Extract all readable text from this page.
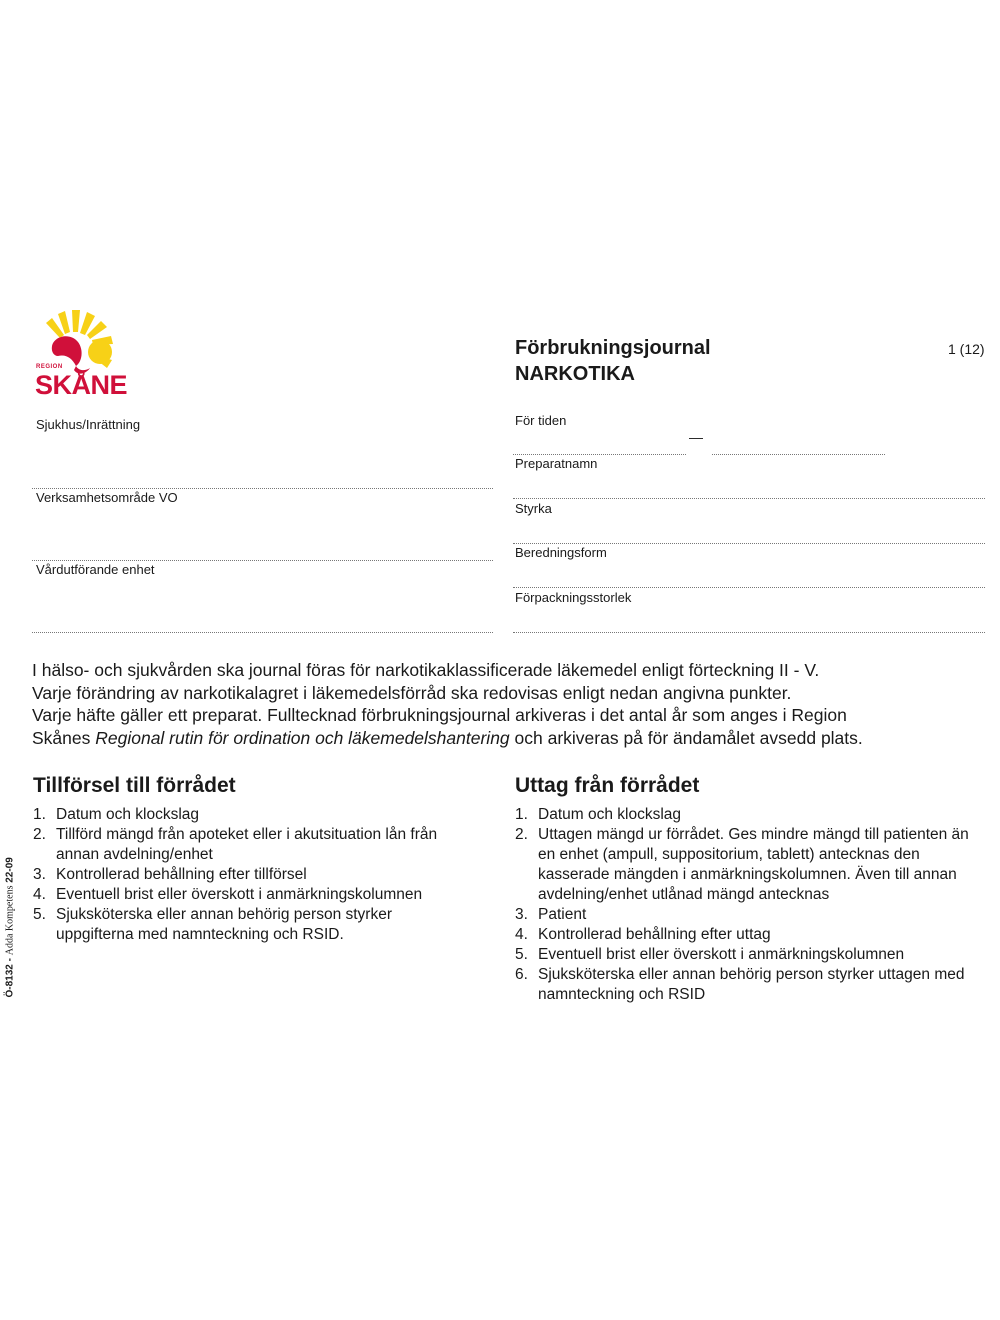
REGION
SKÅNE
Förbrukningsjournal
NARKOTIKA
1 (12)
Sjukhus/Inrättning
Verksamhetsområde VO
Vårdutförande enhet
För tiden
—
Preparatnamn
Styrka
Beredningsform
Förpackningsstorlek
I hälso- och sjukvården ska journal föras för narkotikaklassificerade läkemedel enligt förteckning II - V.
Varje förändring av narkotikalagret i läkemedelsförråd ska redovisas enligt nedan angivna punkter.
Varje häfte gäller ett preparat. Fulltecknad förbrukningsjournal arkiveras i det antal år som anges i Region
Skånes Regional rutin för ordination och läkemedelshantering och arkiveras på för ändamålet avsedd plats.
Tillförsel till förrådet
1. Datum och klockslag
2. Tillförd mängd från apoteket eller i akutsituation lån från annan avdelning/enhet
3. Kontrollerad behållning efter tillförsel
4. Eventuell brist eller överskott i anmärkningskolumnen
5. Sjuksköterska eller annan behörig person styrker uppgifterna med namnteckning och RSID.
Uttag från förrådet
1. Datum och klockslag
2. Uttagen mängd ur förrådet. Ges mindre mängd till patienten än en enhet (ampull, suppositorium, tablett) antecknas den kasserade mängden i anmärkningskolumnen. Även till annan avdelning/enhet utlånad mängd antecknas
3. Patient
4. Kontrollerad behållning efter uttag
5. Eventuell brist eller överskott i anmärkningskolumnen
6. Sjuksköterska eller annan behörig person styrker uttagen med namnteckning och RSID
Ö-8132 - Adda Kompetens 22-09
